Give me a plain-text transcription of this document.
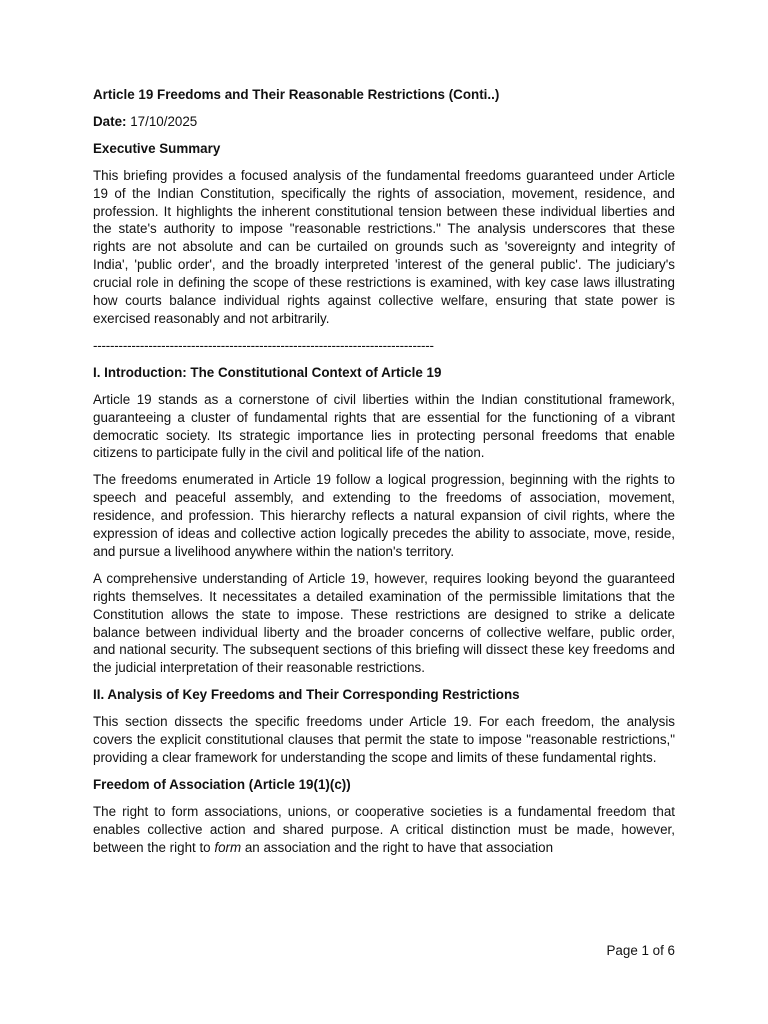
Article 19 Freedoms and Their Reasonable Restrictions (Conti..)
Date: 17/10/2025
Executive Summary
This briefing provides a focused analysis of the fundamental freedoms guaranteed under Article 19 of the Indian Constitution, specifically the rights of association, movement, residence, and profession. It highlights the inherent constitutional tension between these individual liberties and the state's authority to impose "reasonable restrictions." The analysis underscores that these rights are not absolute and can be curtailed on grounds such as 'sovereignty and integrity of India', 'public order', and the broadly interpreted 'interest of the general public'. The judiciary's crucial role in defining the scope of these restrictions is examined, with key case laws illustrating how courts balance individual rights against collective welfare, ensuring that state power is exercised reasonably and not arbitrarily.
--------------------------------------------------------------------------------
I. Introduction: The Constitutional Context of Article 19
Article 19 stands as a cornerstone of civil liberties within the Indian constitutional framework, guaranteeing a cluster of fundamental rights that are essential for the functioning of a vibrant democratic society. Its strategic importance lies in protecting personal freedoms that enable citizens to participate fully in the civil and political life of the nation.
The freedoms enumerated in Article 19 follow a logical progression, beginning with the rights to speech and peaceful assembly, and extending to the freedoms of association, movement, residence, and profession. This hierarchy reflects a natural expansion of civil rights, where the expression of ideas and collective action logically precedes the ability to associate, move, reside, and pursue a livelihood anywhere within the nation's territory.
A comprehensive understanding of Article 19, however, requires looking beyond the guaranteed rights themselves. It necessitates a detailed examination of the permissible limitations that the Constitution allows the state to impose. These restrictions are designed to strike a delicate balance between individual liberty and the broader concerns of collective welfare, public order, and national security. The subsequent sections of this briefing will dissect these key freedoms and the judicial interpretation of their reasonable restrictions.
II. Analysis of Key Freedoms and Their Corresponding Restrictions
This section dissects the specific freedoms under Article 19. For each freedom, the analysis covers the explicit constitutional clauses that permit the state to impose "reasonable restrictions," providing a clear framework for understanding the scope and limits of these fundamental rights.
Freedom of Association (Article 19(1)(c))
The right to form associations, unions, or cooperative societies is a fundamental freedom that enables collective action and shared purpose. A critical distinction must be made, however, between the right to form an association and the right to have that association
Page 1 of 6
